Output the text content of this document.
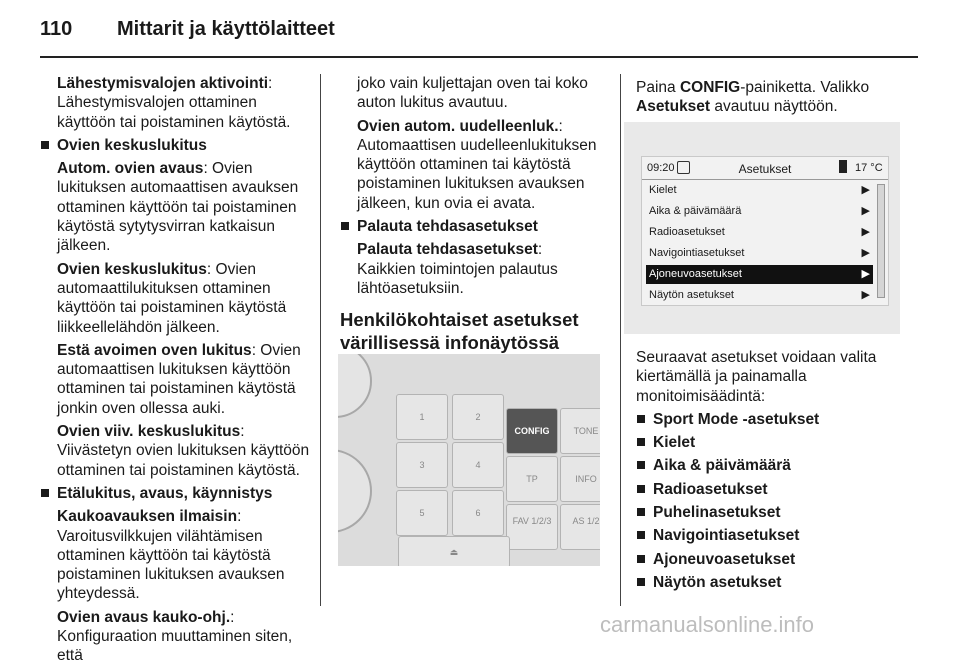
110 Mittarit ja käyttölaitteet

Lähestymisvalojen aktivointi: Lähestymisvalojen ottaminen käyttöön tai poistaminen käytöstä.

Ovien keskuslukitus

Autom. ovien avaus: Ovien lukituksen automaattisen avauksen ottaminen käyttöön tai poistaminen käytöstä sytytysvirran katkaisun jälkeen.

Ovien keskuslukitus: Ovien automaattilukituksen ottaminen käyttöön tai poistaminen käytöstä liikkeellelähdön jälkeen.

Estä avoimen oven lukitus: Ovien automaattisen lukituksen käyttöön ottaminen tai poistaminen käytöstä jonkin oven ollessa auki.

Ovien viiv. keskuslukitus: Viivästetyn ovien lukituksen käyttöön ottaminen tai poistaminen käytöstä.

Etälukitus, avaus, käynnistys

Kaukoavauksen ilmaisin: Varoitusvilkkujen vilähtämisen ottaminen käyttöön tai käytöstä poistaminen lukituksen avauksen yhteydessä.

Ovien avaus kauko-ohj.: Konfiguraation muuttaminen siten, että

joko vain kuljettajan oven tai koko auton lukitus avautuu.

Ovien autom. uudelleenluk.: Automaattisen uudelleenlukituksen käyttöön ottaminen tai käytöstä poistaminen lukituksen avauksen jälkeen, kun ovia ei avata.

Palauta tehdasasetukset

Palauta tehdasasetukset: Kaikkien toimintojen palautus lähtöasetuksiin.

Henkilökohtaiset asetukset värillisessä infonäytössä
1	2
CONFIG	TONE
3	4
TP	INFO
5	6
FAV 1/2/3	AS 1/2
⏏

Paina CONFIG-painiketta. Valikko Asetukset avautuu näyttöön.

09:20	Asetukset	17 °C
Kielet	▶
Aika & päivämäärä	▶
Radioasetukset	▶
Navigointiasetukset	▶
Ajoneuvoasetukset	▶
Näytön asetukset	▶

Seuraavat asetukset voidaan valita kiertämällä ja painamalla monitoimisäädintä:

Sport Mode -asetukset
Kielet
Aika & päivämäärä
Radioasetukset
Puhelinasetukset
Navigointiasetukset
Ajoneuvoasetukset
Näytön asetukset
carmanualsonline.info
